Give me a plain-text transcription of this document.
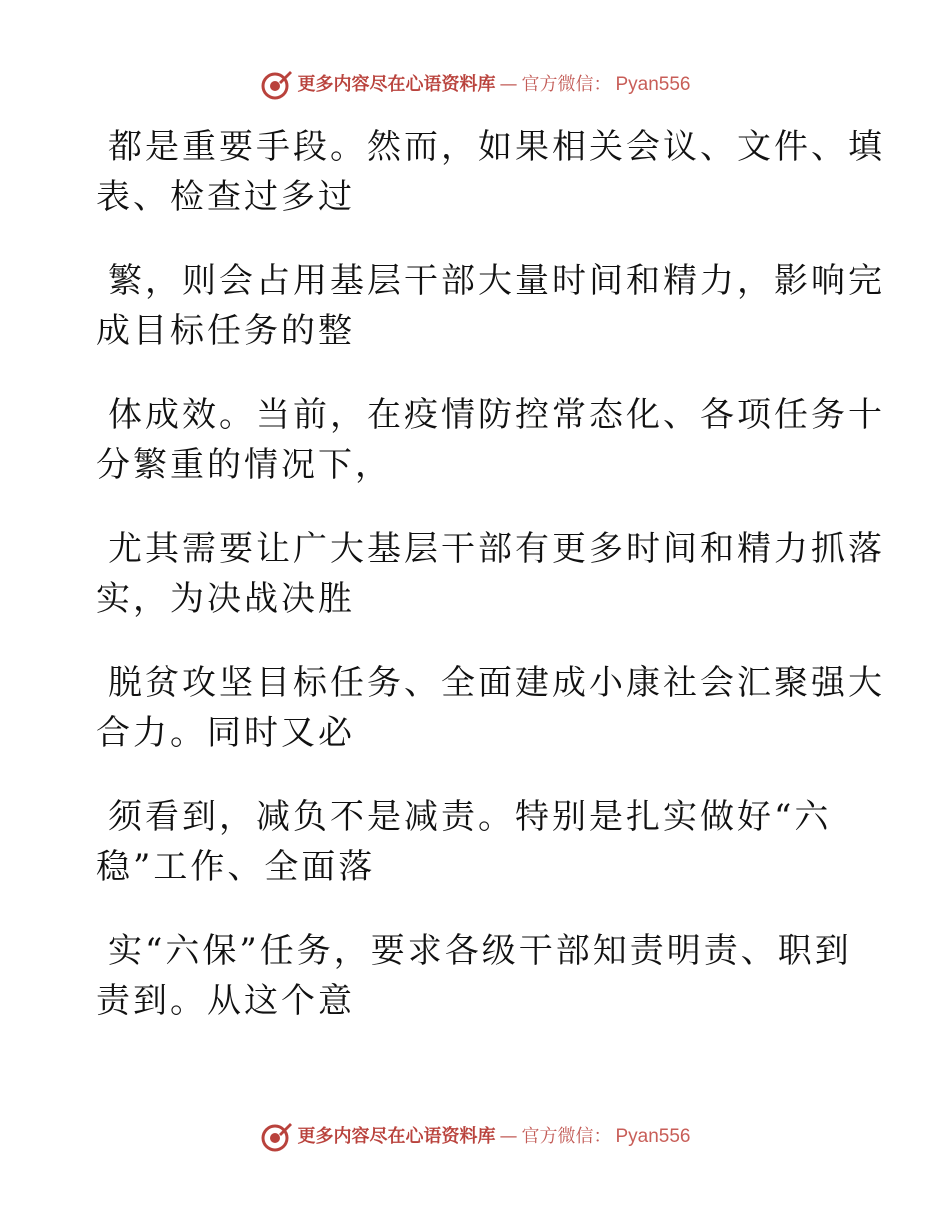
更多内容尽在心语资料库 — 官方微信： Pyan556

都是重要手段。然而，如果相关会议、文件、填
表、检查过多过

繁，则会占用基层干部大量时间和精力，影响完
成目标任务的整

体成效。当前，在疫情防控常态化、各项任务十
分繁重的情况下，

尤其需要让广大基层干部有更多时间和精力抓落
实，为决战决胜

脱贫攻坚目标任务、全面建成小康社会汇聚强大
合力。同时又必

须看到，减负不是减责。特别是扎实做好“六
稳”工作、全面落

实“六保”任务，要求各级干部知责明责、职到
责到。从这个意

更多内容尽在心语资料库 — 官方微信： Pyan556
